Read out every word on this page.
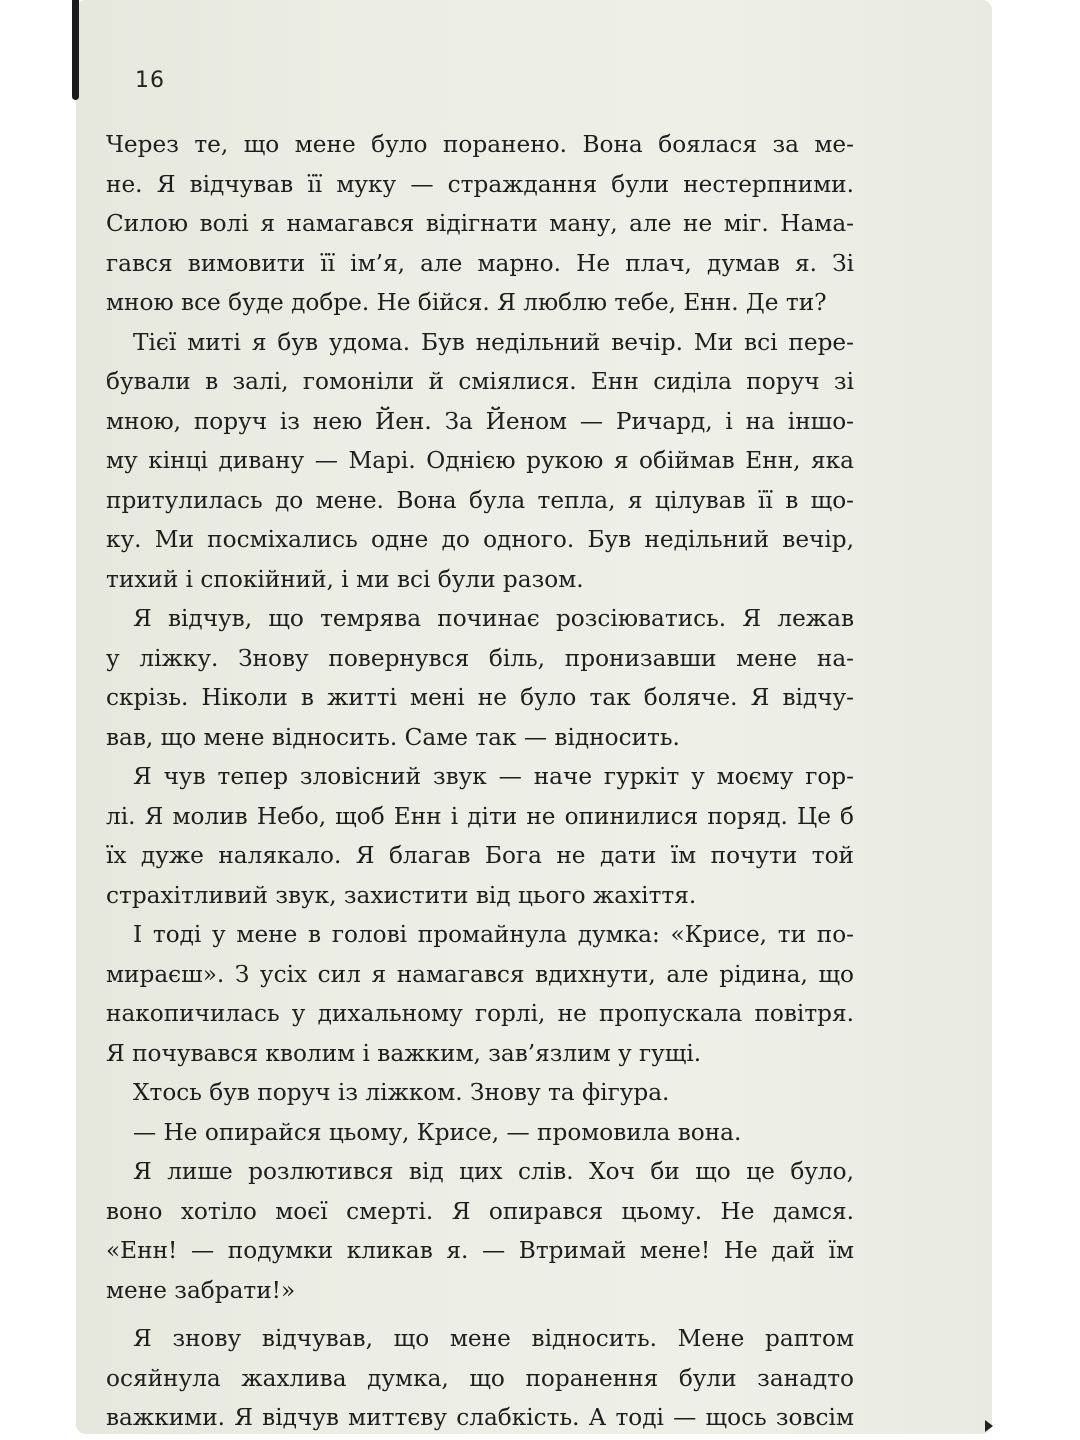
16
Через те, що мене було поранено. Вона боялася за ме-
не. Я відчував її муку — страждання були нестерпними.
Силою волі я намагався відігнати ману, але не міг. Нама-
гався вимовити її ім’я, але марно. Не плач, думав я. Зі
мною все буде добре. Не бійся. Я люблю тебе, Енн. Де ти?
Тієї миті я був удома. Був недільний вечір. Ми всі пере-
бували в залі, гомоніли й сміялися. Енн сиділа поруч зі
мною, поруч із нею Йен. За Йеном — Ричард, і на іншо-
му кінці дивану — Марі. Однією рукою я обіймав Енн, яка
притулилась до мене. Вона була тепла, я цілував її в що-
ку. Ми посміхались одне до одного. Був недільний вечір,
тихий і спокійний, і ми всі були разом.
Я відчув, що темрява починає розсіюватись. Я лежав
у ліжку. Знову повернувся біль, пронизавши мене на-
скрізь. Ніколи в житті мені не було так боляче. Я відчу-
вав, що мене відносить. Саме так — відносить.
Я чув тепер зловісний звук — наче гуркіт у моєму гор-
лі. Я молив Небо, щоб Енн і діти не опинилися поряд. Це б
їх дуже налякало. Я благав Бога не дати їм почути той
страхітливий звук, захистити від цього жахіття.
І тоді у мене в голові промайнула думка: «Крисе, ти по-
мираєш». З усіх сил я намагався вдихнути, але рідина, що
накопичилась у дихальному горлі, не пропускала повітря.
Я почувався кволим і важким, зав’язлим у гущі.
Хтось був поруч із ліжком. Знову та фігура.
— Не опирайся цьому, Крисе, — промовила вона.
Я лише розлютився від цих слів. Хоч би що це було,
воно хотіло моєї смерті. Я опирався цьому. Не дамся.
«Енн! — подумки кликав я. — Втримай мене! Не дай їм
мене забрати!»
Я знову відчував, що мене відносить. Мене раптом
осяйнула жахлива думка, що поранення були занадто
важкими. Я відчув миттєву слабкість. А тоді — щось зовсім
